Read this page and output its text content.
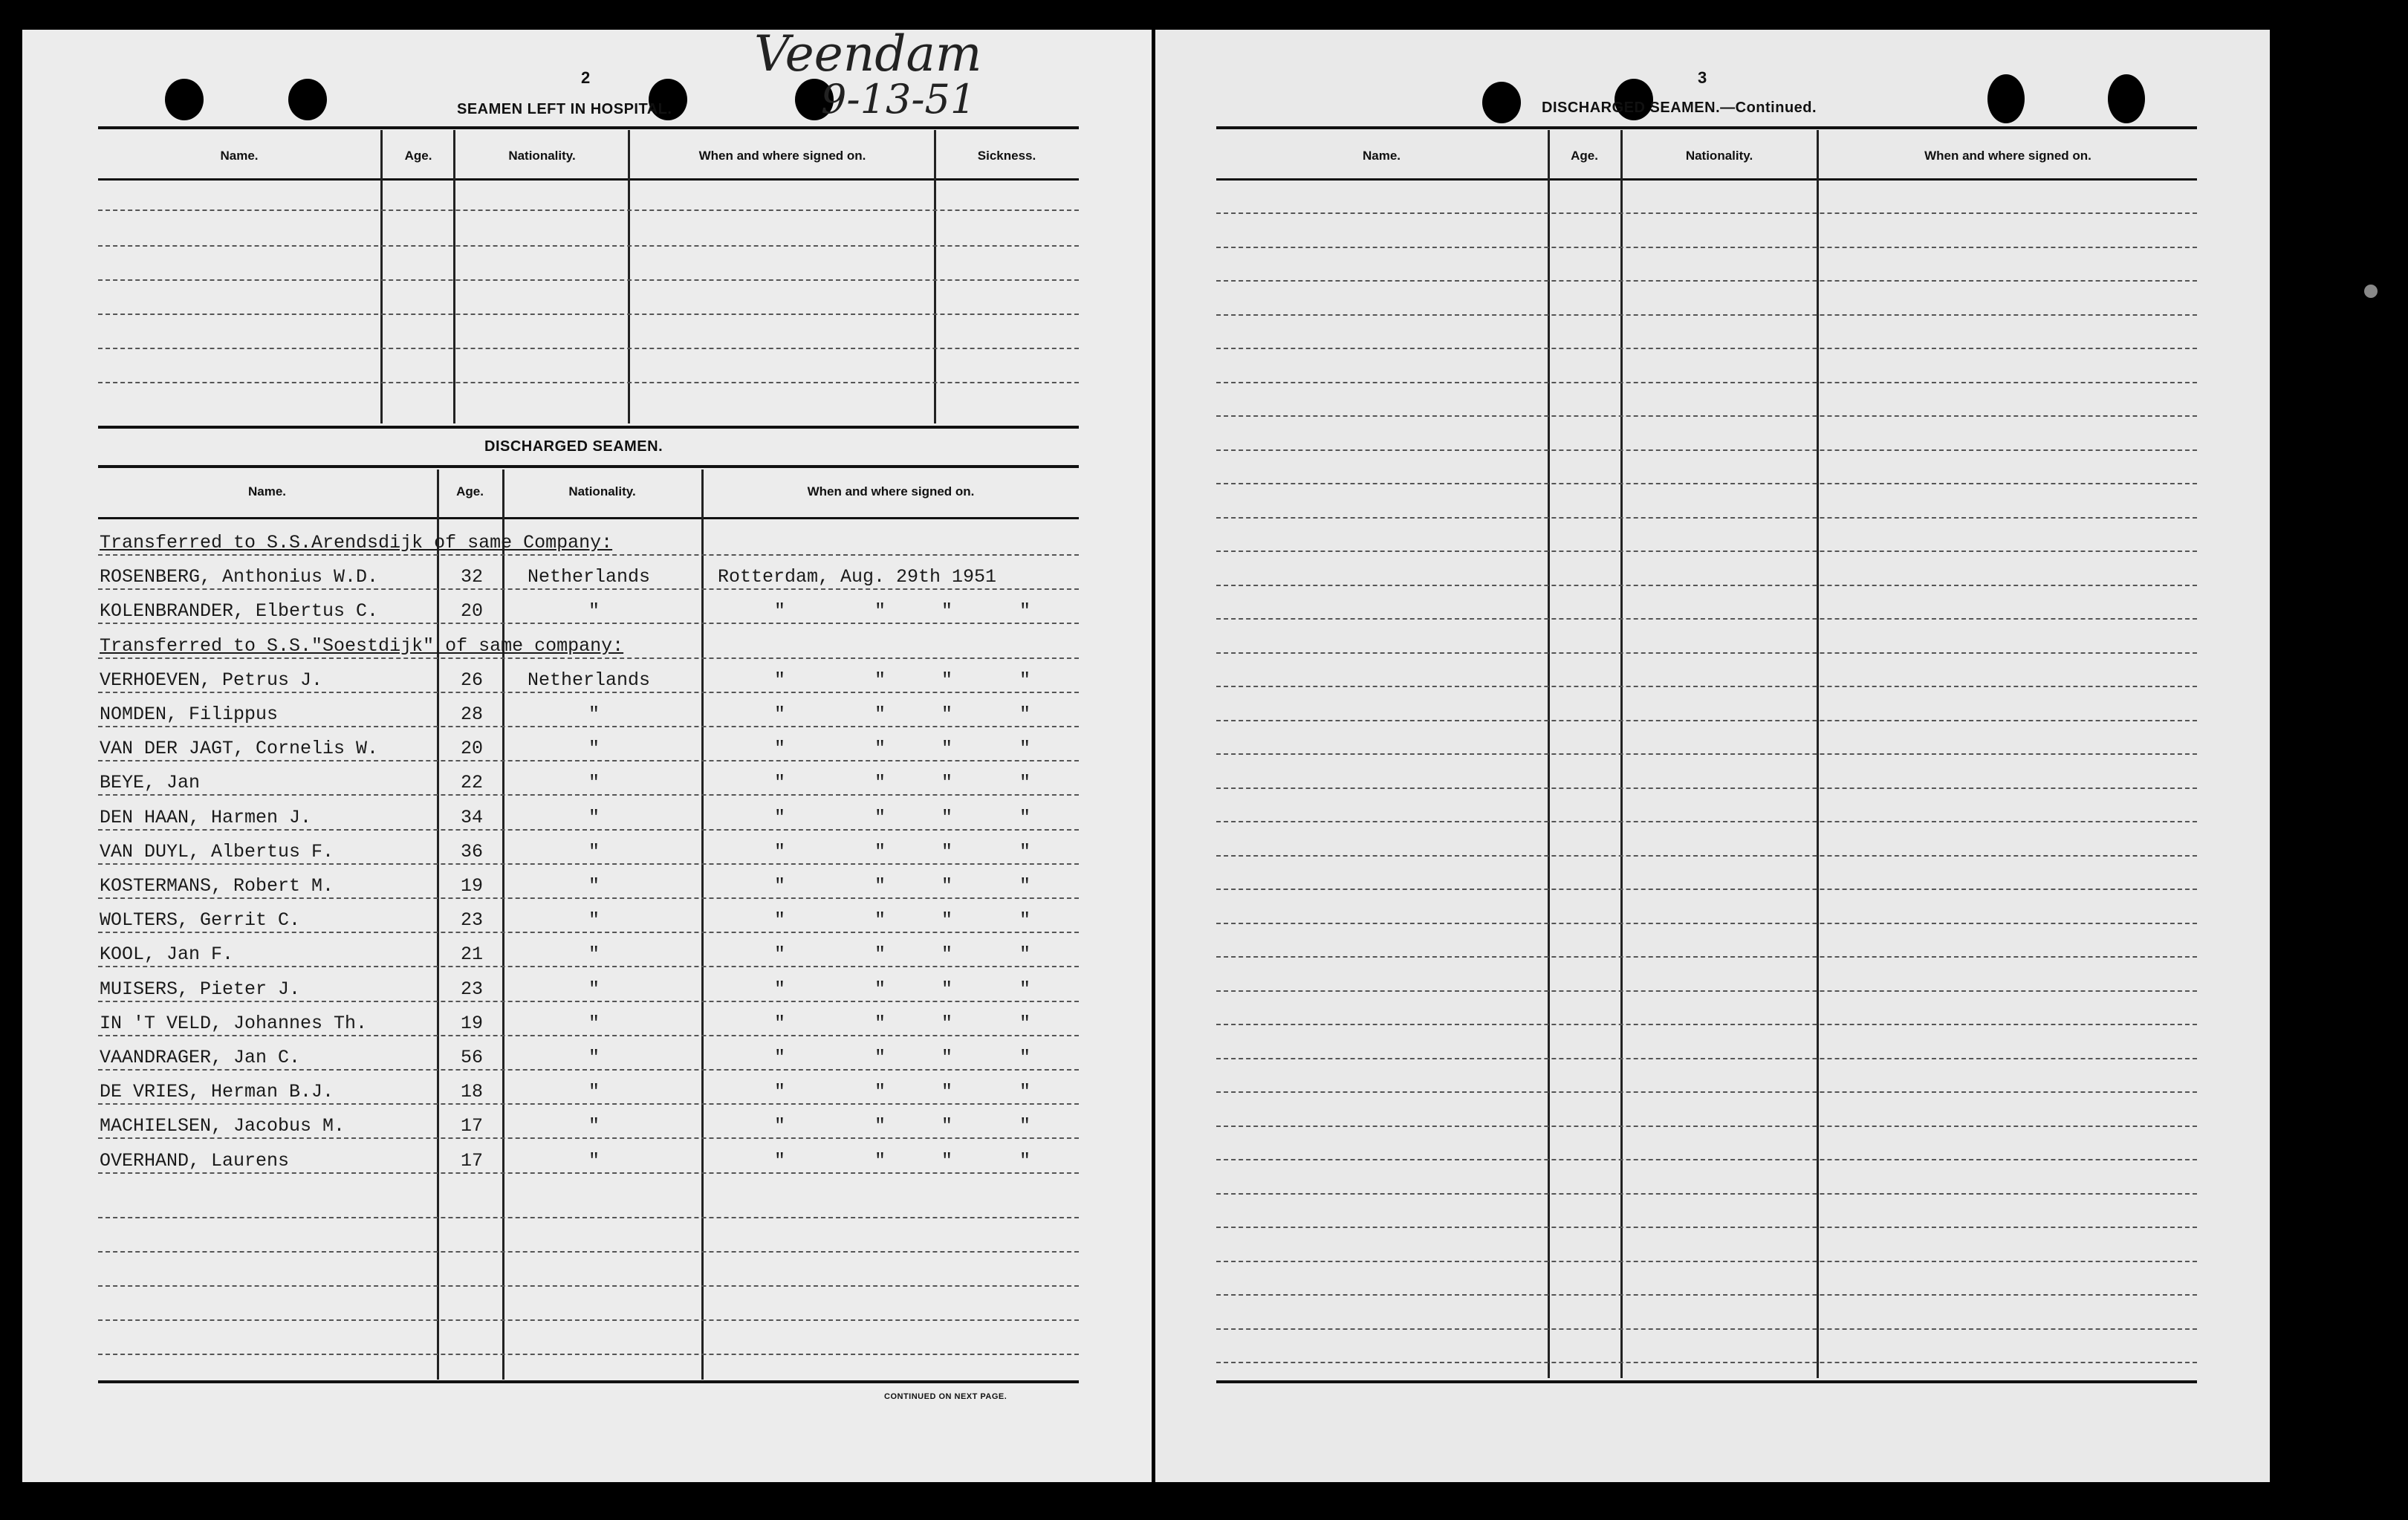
2
SEAMEN LEFT IN HOSPITAL.
Veendam
9-13-51
Name.	Age.	Nationality.	When and where signed on.	Sickness.
DISCHARGED SEAMEN.
Name.	Age.	Nationality.	When and where signed on.
Transferred to S.S.Arendsdijk of same Company:
ROSENBERG, Anthonius W.D.	32 Netherlands	Rotterdam, Aug. 29th 1951
KOLENBRANDER, Elbertus C.	20	"	"        "     "      "
Transferred to S.S."Soestdijk" of same company:
VERHOEVEN, Petrus J.	26 Netherlands	"        "     "      "
NOMDEN, Filippus	28	"	"        "     "      "
VAN DER JAGT, Cornelis W.	20	"	"        "     "      "
BEYE, Jan	22	"	"        "     "      "
DEN HAAN, Harmen J.	34	"	"        "     "      "
VAN DUYL, Albertus F.	36	"	"        "     "      "
KOSTERMANS, Robert M.	19	"	"        "     "      "
WOLTERS, Gerrit C.	23	"	"        "     "      "
KOOL, Jan F.	21	"	"        "     "      "
MUISERS, Pieter J.	23	"	"        "     "      "
IN 'T VELD, Johannes Th.	19	"	"        "     "      "
VAANDRAGER, Jan C.	56	"	"        "     "      "
DE VRIES, Herman B.J.	18	"	"        "     "      "
MACHIELSEN, Jacobus M.	17	"	"        "     "      "
OVERHAND, Laurens	17	"	"        "     "      "
CONTINUED ON NEXT PAGE.
3
DISCHARGED SEAMEN.—Continued.
Name.	Age.	Nationality.	When and where signed on.
